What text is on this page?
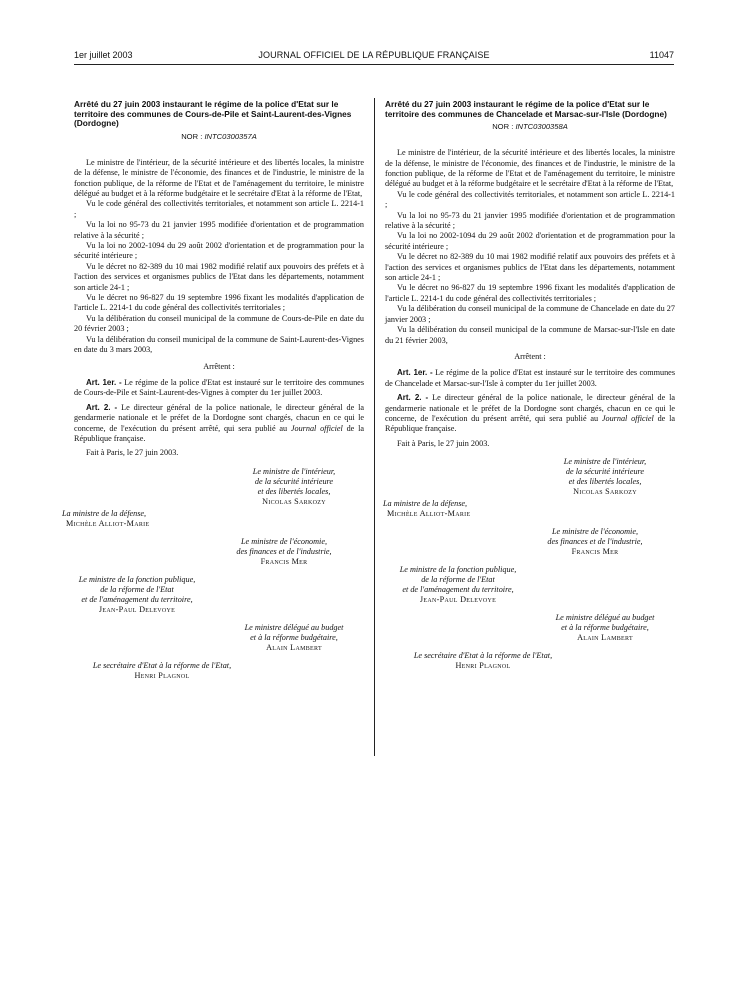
1er juillet 2003	JOURNAL OFFICIEL DE LA RÉPUBLIQUE FRANÇAISE	11047

Arrêté du 27 juin 2003 instaurant le régime de la police d'Etat sur le territoire des communes de Cours-de-Pile et Saint-Laurent-des-Vignes (Dordogne)

NOR : INTC0300357A

Le ministre de l'intérieur, de la sécurité intérieure et des libertés locales, la ministre de la défense, le ministre de l'économie, des finances et de l'industrie, le ministre de la fonction publique, de la réforme de l'Etat et de l'aménagement du territoire, le ministre délégué au budget et à la réforme budgétaire et le secrétaire d'Etat à la réforme de l'Etat,

Vu le code général des collectivités territoriales, et notamment son article L. 2214-1 ;

Vu la loi no 95-73 du 21 janvier 1995 modifiée d'orientation et de programmation relative à la sécurité ;

Vu la loi no 2002-1094 du 29 août 2002 d'orientation et de programmation pour la sécurité intérieure ;

Vu le décret no 82-389 du 10 mai 1982 modifié relatif aux pouvoirs des préfets et à l'action des services et organismes publics de l'Etat dans les départements, notamment son article 24-1 ;

Vu le décret no 96-827 du 19 septembre 1996 fixant les modalités d'application de l'article L. 2214-1 du code général des collectivités territoriales ;

Vu la délibération du conseil municipal de la commune de Cours-de-Pile en date du 20 février 2003 ;

Vu la délibération du conseil municipal de la commune de Saint-Laurent-des-Vignes en date du 3 mars 2003,

Arrêtent :

Art. 1er. - Le régime de la police d'Etat est instauré sur le territoire des communes de Cours-de-Pile et Saint-Laurent-des-Vignes à compter du 1er juillet 2003.

Art. 2. - Le directeur général de la police nationale, le directeur général de la gendarmerie nationale et le préfet de la Dordogne sont chargés, chacun en ce qui le concerne, de l'exécution du présent arrêté, qui sera publié au Journal officiel de la République française.

Fait à Paris, le 27 juin 2003.

Le ministre de l'intérieur,
de la sécurité intérieure
et des libertés locales,
Nicolas Sarkozy
La ministre de la défense,
Michèle Alliot-Marie
Le ministre de l'économie,
des finances et de l'industrie,
Francis Mer
Le ministre de la fonction publique,
de la réforme de l'Etat
et de l'aménagement du territoire,
Jean-Paul Delevoye
Le ministre délégué au budget
et à la réforme budgétaire,
Alain Lambert
Le secrétaire d'Etat à la réforme de l'Etat,
Henri Plagnol

Arrêté du 27 juin 2003 instaurant le régime de la police d'Etat sur le territoire des communes de Chancelade et Marsac-sur-l'Isle (Dordogne)

NOR : INTC0300358A

Le ministre de l'intérieur, de la sécurité intérieure et des libertés locales, la ministre de la défense, le ministre de l'économie, des finances et de l'industrie, le ministre de la fonction publique, de la réforme de l'Etat et de l'aménagement du territoire, le ministre délégué au budget et à la réforme budgétaire et le secrétaire d'Etat à la réforme de l'Etat,

Vu le code général des collectivités territoriales, et notamment son article L. 2214-1 ;

Vu la loi no 95-73 du 21 janvier 1995 modifiée d'orientation et de programmation relative à la sécurité ;

Vu la loi no 2002-1094 du 29 août 2002 d'orientation et de programmation pour la sécurité intérieure ;

Vu le décret no 82-389 du 10 mai 1982 modifié relatif aux pouvoirs des préfets et à l'action des services et organismes publics de l'Etat dans les départements, notamment son article 24-1 ;

Vu le décret no 96-827 du 19 septembre 1996 fixant les modalités d'application de l'article L. 2214-1 du code général des collectivités territoriales ;

Vu la délibération du conseil municipal de la commune de Chancelade en date du 27 janvier 2003 ;

Vu la délibération du conseil municipal de la commune de Marsac-sur-l'Isle en date du 21 février 2003,

Arrêtent :

Art. 1er. - Le régime de la police d'Etat est instauré sur le territoire des communes de Chancelade et Marsac-sur-l'Isle à compter du 1er juillet 2003.

Art. 2. - Le directeur général de la police nationale, le directeur général de la gendarmerie nationale et le préfet de la Dordogne sont chargés, chacun en ce qui le concerne, de l'exécution du présent arrêté, qui sera publié au Journal officiel de la République française.

Fait à Paris, le 27 juin 2003.

Le ministre de l'intérieur,
de la sécurité intérieure
et des libertés locales,
Nicolas Sarkozy
La ministre de la défense,
Michèle Alliot-Marie
Le ministre de l'économie,
des finances et de l'industrie,
Francis Mer
Le ministre de la fonction publique,
de la réforme de l'Etat
et de l'aménagement du territoire,
Jean-Paul Delevoye
Le ministre délégué au budget
et à la réforme budgétaire,
Alain Lambert
Le secrétaire d'Etat à la réforme de l'Etat,
Henri Plagnol
